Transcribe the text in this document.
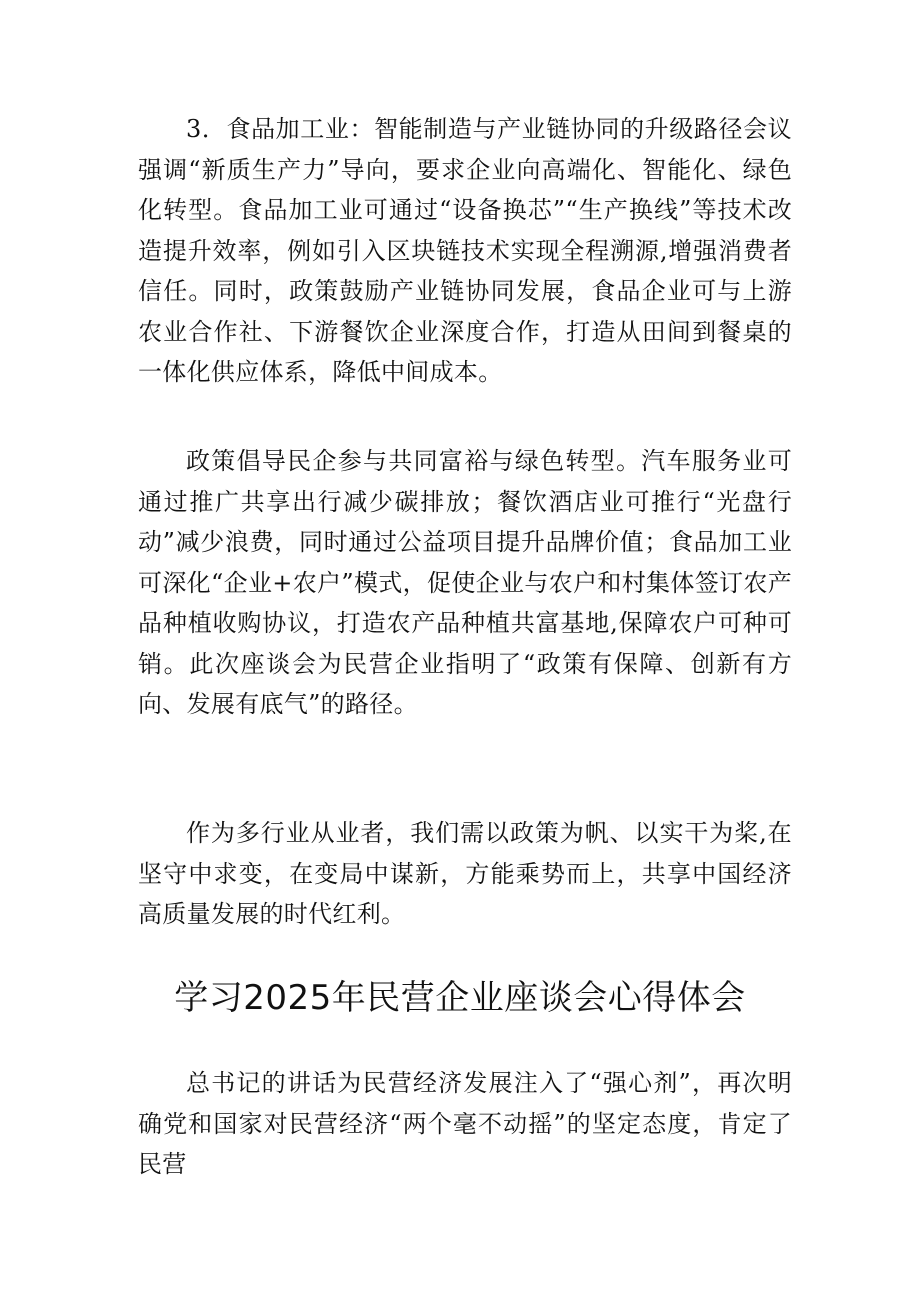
3．食品加工业：智能制造与产业链协同的升级路径会议强调“新质生产力”导向，要求企业向高端化、智能化、绿色化转型。食品加工业可通过“设备换芯”“生产换线”等技术改造提升效率，例如引入区块链技术实现全程溯源,增强消费者信任。同时，政策鼓励产业链协同发展，食品企业可与上游农业合作社、下游餐饮企业深度合作，打造从田间到餐桌的一体化供应体系，降低中间成本。

政策倡导民企参与共同富裕与绿色转型。汽车服务业可通过推广共享出行减少碳排放；餐饮酒店业可推行“光盘行动”减少浪费，同时通过公益项目提升品牌价值；食品加工业可深化“企业+农户”模式，促使企业与农户和村集体签订农产品种植收购协议，打造农产品种植共富基地,保障农户可种可销。此次座谈会为民营企业指明了“政策有保障、创新有方向、发展有底气”的路径。

作为多行业从业者，我们需以政策为帆、以实干为桨,在坚守中求变，在变局中谋新，方能乘势而上，共享中国经济高质量发展的时代红利。

学习2025年民营企业座谈会心得体会

总书记的讲话为民营经济发展注入了“强心剂”，再次明确党和国家对民营经济“两个毫不动摇”的坚定态度，肯定了民营
